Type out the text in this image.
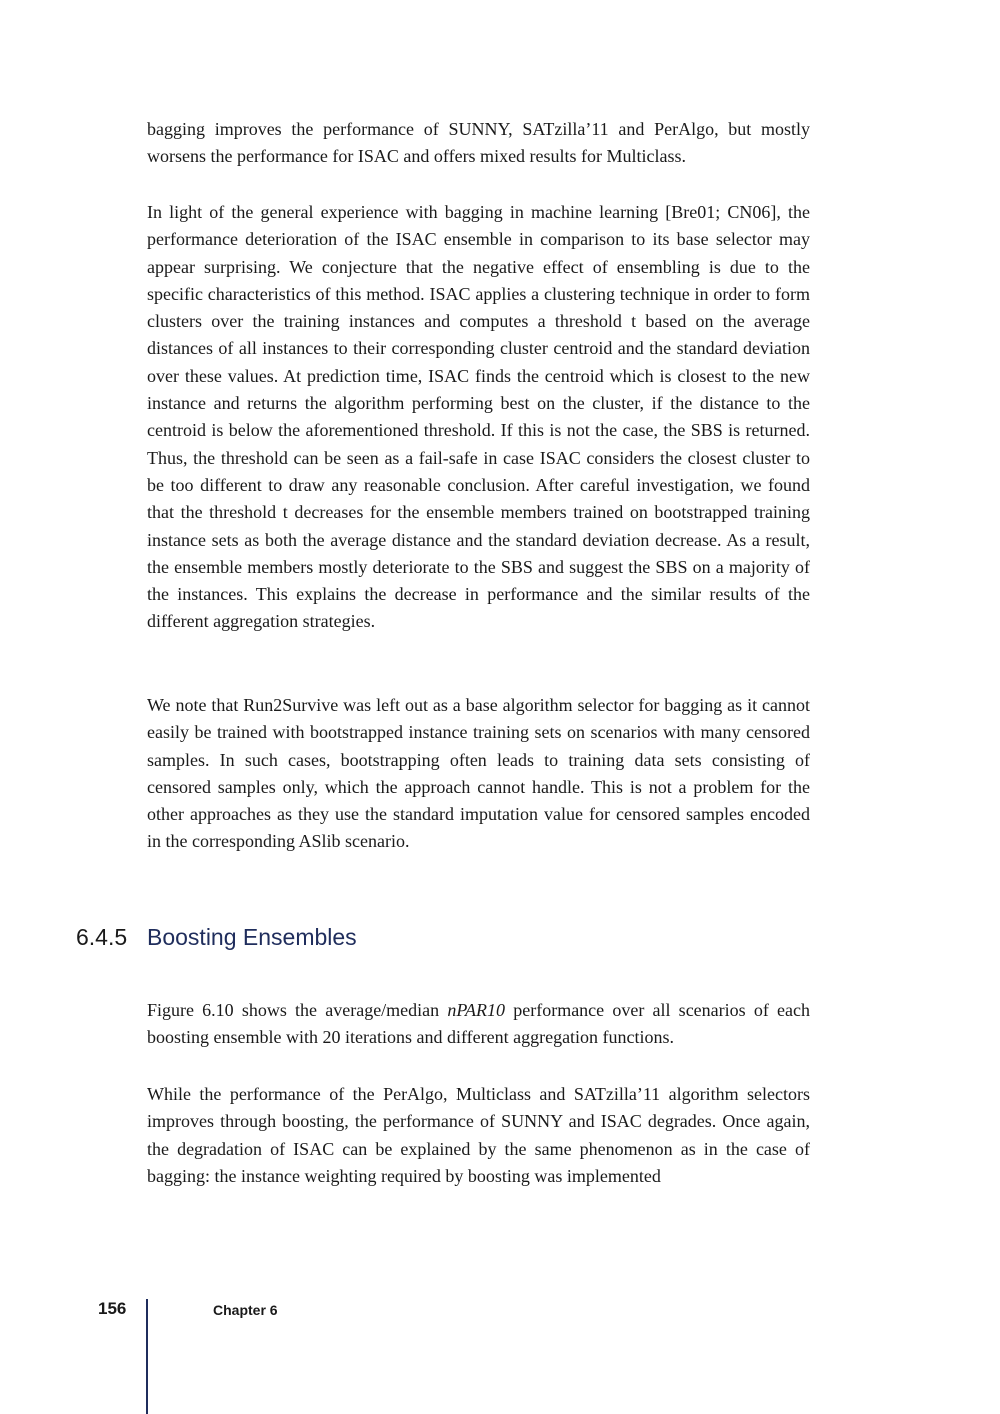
bagging improves the performance of SUNNY, SATzilla’11 and PerAlgo, but mostly worsens the performance for ISAC and offers mixed results for Multiclass.

In light of the general experience with bagging in machine learning [Bre01; CN06], the performance deterioration of the ISAC ensemble in comparison to its base selector may appear surprising. We conjecture that the negative effect of ensembling is due to the specific characteristics of this method. ISAC applies a clustering technique in order to form clusters over the training instances and computes a threshold t based on the average distances of all instances to their corresponding cluster centroid and the standard deviation over these values. At prediction time, ISAC finds the centroid which is closest to the new instance and returns the algorithm performing best on the cluster, if the distance to the centroid is below the aforementioned threshold. If this is not the case, the SBS is returned. Thus, the threshold can be seen as a fail-safe in case ISAC considers the closest cluster to be too different to draw any reasonable conclusion. After careful investigation, we found that the threshold t decreases for the ensemble members trained on bootstrapped training instance sets as both the average distance and the standard deviation decrease. As a result, the ensemble members mostly deteriorate to the SBS and suggest the SBS on a majority of the instances. This explains the decrease in performance and the similar results of the different aggregation strategies.

We note that Run2Survive was left out as a base algorithm selector for bagging as it cannot easily be trained with bootstrapped instance training sets on scenarios with many censored samples. In such cases, bootstrapping often leads to training data sets consisting of censored samples only, which the approach cannot handle. This is not a problem for the other approaches as they use the standard imputation value for censored samples encoded in the corresponding ASlib scenario.

6.4.5 Boosting Ensembles

Figure 6.10 shows the average/median nPAR10 performance over all scenarios of each boosting ensemble with 20 iterations and different aggregation functions.

While the performance of the PerAlgo, Multiclass and SATzilla’11 algorithm selectors improves through boosting, the performance of SUNNY and ISAC degrades. Once again, the degradation of ISAC can be explained by the same phenomenon as in the case of bagging: the instance weighting required by boosting was implemented

156	Chapter 6
